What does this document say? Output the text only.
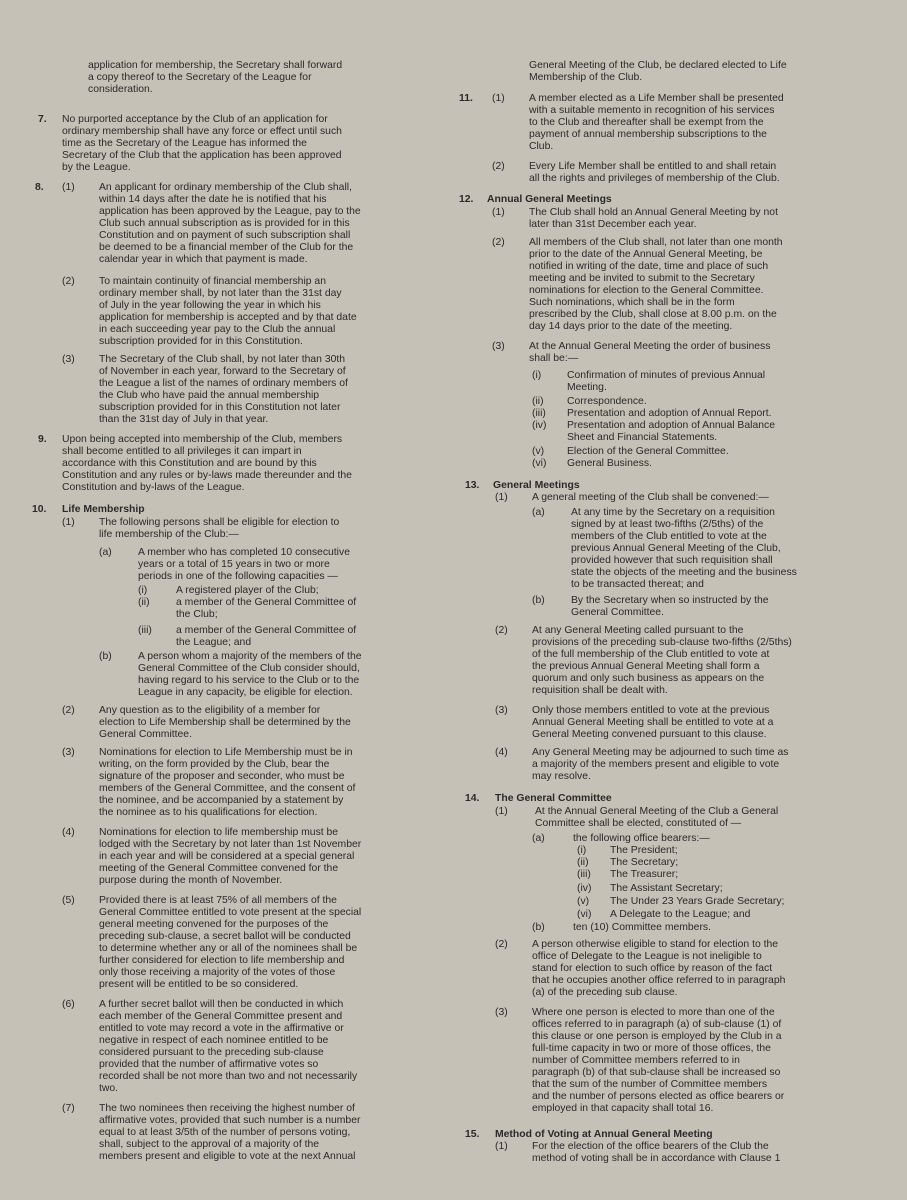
application for membership, the Secretary shall forward
a copy thereof to the Secretary of the League for
consideration.
7. No purported acceptance by the Club of an application for
ordinary membership shall have any force or effect until such
time as the Secretary of the League has informed the
Secretary of the Club that the application has been approved
by the League.
8. (1) An applicant for ordinary membership of the Club shall,
within 14 days after the date he is notified that his
application has been approved by the League, pay to the
Club such annual subscription as is provided for in this
Constitution and on payment of such subscription shall
be deemed to be a financial member of the Club for the
calendar year in which that payment is made.
(2) To maintain continuity of financial membership an
ordinary member shall, by not later than the 31st day
of July in the year following the year in which his
application for membership is accepted and by that date
in each succeeding year pay to the Club the annual
subscription provided for in this Constitution.
(3) The Secretary of the Club shall, by not later than 30th
of November in each year, forward to the Secretary of
the League a list of the names of ordinary members of
the Club who have paid the annual membership
subscription provided for in this Constitution not later
than the 31st day of July in that year.
9. Upon being accepted into membership of the Club, members
shall become entitled to all privileges it can impart in
accordance with this Constitution and are bound by this
Constitution and any rules or by-laws made thereunder and the
Constitution and by-laws of the League.
10. Life Membership
(1) The following persons shall be eligible for election to
life membership of the Club:—
(a)	A member who has completed 10 consecutive
years or a total of 15 years in two or more
periods in one of the following capacities —
(i)	A registered player of the Club;
(ii)	a member of the General Committee of
the Club;
(iii) a member of the General Committee of
the League; and
(b)	A person whom a majority of the members of the
General Committee of the Club consider should,
having regard to his service to the Club or to the
League in any capacity, be eligible for election.
(2) Any question as to the eligibility of a member for
election to Life Membership shall be determined by the
General Committee.
(3) Nominations for election to Life Membership must be in
writing, on the form provided by the Club, bear the
signature of the proposer and seconder, who must be
members of the General Committee, and the consent of
the nominee, and be accompanied by a statement by
the nominee as to his qualifications for election.
(4) Nominations for election to life membership must be
lodged with the Secretary by not later than 1st November
in each year and will be considered at a special general
meeting of the General Committee convened for the
purpose during the month of November.
(5) Provided there is at least 75% of all members of the
General Committee entitled to vote present at the special
general meeting convened for the purposes of the
preceding sub-clause, a secret ballot will be conducted
to determine whether any or all of the nominees shall be
further considered for election to life membership and
only those receiving a majority of the votes of those
present will be entitled to be so considered.
(6) A further secret ballot will then be conducted in which
each member of the General Committee present and
entitled to vote may record a vote in the affirmative or
negative in respect of each nominee entitled to be
considered pursuant to the preceding sub-clause
provided that the number of affirmative votes so
recorded shall be not more than two and not necessarily
two.
(7) The two nominees then receiving the highest number of
affirmative votes, provided that such number is a number
equal to at least 3/5th of the number of persons voting,
shall, subject to the approval of a majority of the
members present and eligible to vote at the next Annual
General Meeting of the Club, be declared elected to Life
Membership of the Club.
11. (1) A member elected as a Life Member shall be presented
with a suitable memento in recognition of his services
to the Club and thereafter shall be exempt from the
payment of annual membership subscriptions to the
Club.
(2) Every Life Member shall be entitled to and shall retain
all the rights and privileges of membership of the Club.
12. Annual General Meetings
(1) The Club shall hold an Annual General Meeting by not
later than 31st December each year.
(2) All members of the Club shall, not later than one month
prior to the date of the Annual General Meeting, be
notified in writing of the date, time and place of such
meeting and be invited to submit to the Secretary
nominations for election to the General Committee.
Such nominations, which shall be in the form
prescribed by the Club, shall close at 8.00 p.m. on the
day 14 days prior to the date of the meeting.
(3) At the Annual General Meeting the order of business
shall be:—
(i) Confirmation of minutes of previous Annual
Meeting.
(ii) Correspondence.
(iii) Presentation and adoption of Annual Report.
(iv) Presentation and adoption of Annual Balance
Sheet and Financial Statements.
(v) Election of the General Committee.
(vi) General Business.
13. General Meetings
(1) A general meeting of the Club shall be convened:—
(a)	At any time by the Secretary on a requisition
signed by at least two-fifths (2/5ths) of the
members of the Club entitled to vote at the
previous Annual General Meeting of the Club,
provided however that such requisition shall
state the objects of the meeting and the business
to be transacted thereat; and
(b)	By the Secretary when so instructed by the
General Committee.
(2) At any General Meeting called pursuant to the
provisions of the preceding sub-clause two-fifths (2/5ths)
of the full membership of the Club entitled to vote at
the previous Annual General Meeting shall form a
quorum and only such business as appears on the
requisition shall be dealt with.
(3) Only those members entitled to vote at the previous
Annual General Meeting shall be entitled to vote at a
General Meeting convened pursuant to this clause.
(4) Any General Meeting may be adjourned to such time as
a majority of the members present and eligible to vote
may resolve.
14. The General Committee
(1)	At the Annual General Meeting of the Club a General
Committee shall be elected, constituted of —
(a)	the following office bearers:—
(i) The President;
(ii) The Secretary;
(iii) The Treasurer;
(iv) The Assistant Secretary;
(v) The Under 23 Years Grade Secretary;
(vi) A Delegate to the League; and
(b)	ten (10) Committee members.
(2) A person otherwise eligible to stand for election to the
office of Delegate to the League is not ineligible to
stand for election to such office by reason of the fact
that he occupies another office referred to in paragraph
(a) of the preceding sub clause.
(3) Where one person is elected to more than one of the
offices referred to in paragraph (a) of sub-clause (1) of
this clause or one person is employed by the Club in a
full-time capacity in two or more of those offices, the
number of Committee members referred to in
paragraph (b) of that sub-clause shall be increased so
that the sum of the number of Committee members
and the number of persons elected as office bearers or
employed in that capacity shall total 16.
15. Method of Voting at Annual General Meeting
(1) For the election of the office bearers of the Club the
method of voting shall be in accordance with Clause 1
